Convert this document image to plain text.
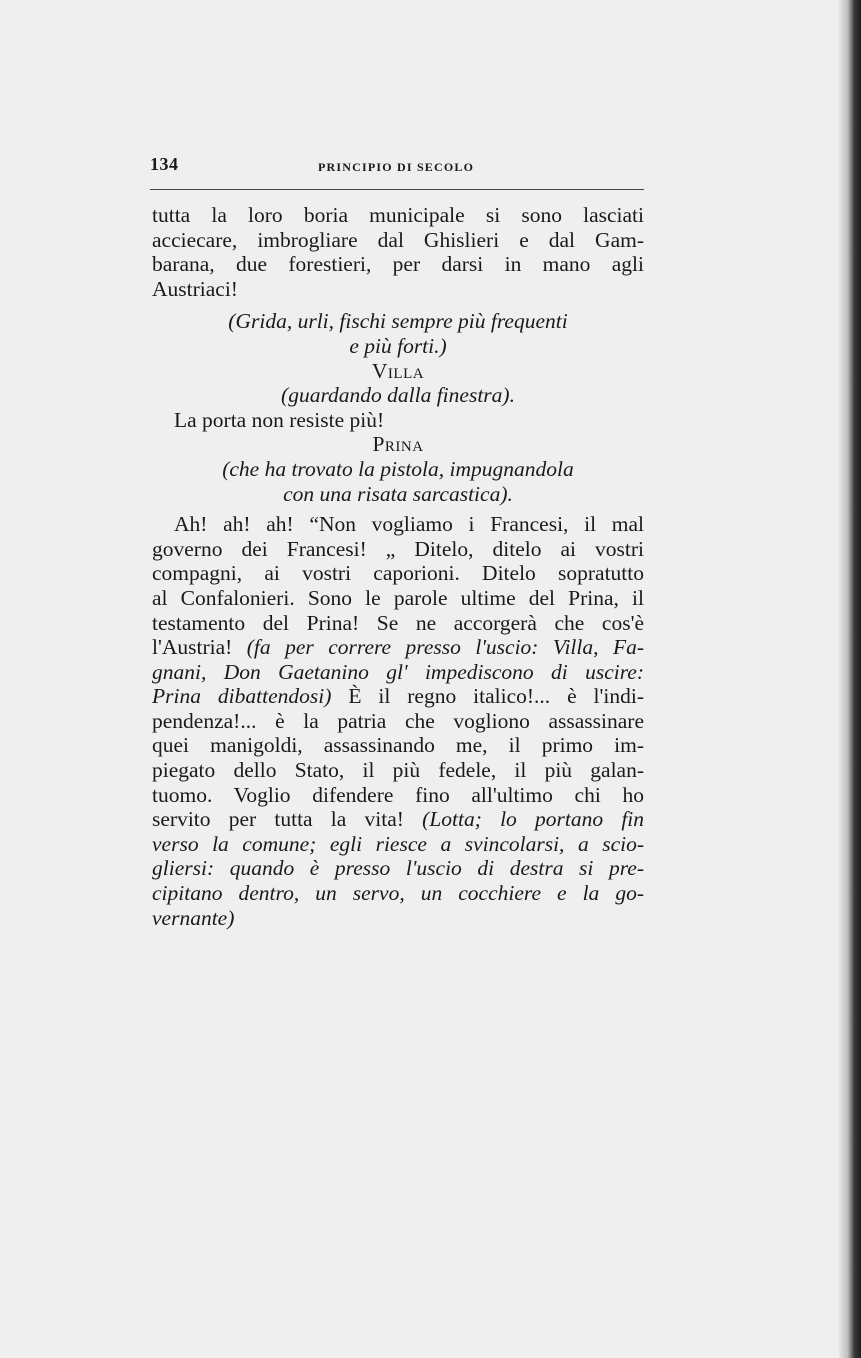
134	PRINCIPIO DI SECOLO

tutta la loro boria municipale si sono lasciati

acciecare, imbrogliare dal Ghislieri e dal Gam-

barana, due forestieri, per darsi in mano agli

Austriaci!

(Grida, urli, fischi sempre più frequenti

e più forti.)

Villa

(guardando dalla finestra).

La porta non resiste più!

Prina

(che ha trovato la pistola, impugnandola

con una risata sarcastica).

Ah! ah! ah! “Non vogliamo i Francesi, il mal

governo dei Francesi! „ Ditelo, ditelo ai vostri

compagni, ai vostri caporioni. Ditelo sopratutto

al Confalonieri. Sono le parole ultime del Prina, il

testamento del Prina! Se ne accorgerà che cos'è

l'Austria! (fa per correre presso l'uscio: Villa, Fa-

gnani, Don Gaetanino gl' impediscono di uscire:

Prina dibattendosi) È il regno italico!... è l'indi-

pendenza!... è la patria che vogliono assassinare

quei manigoldi, assassinando me, il primo im-

piegato dello Stato, il più fedele, il più galan-

tuomo. Voglio difendere fino all'ultimo chi ho

servito per tutta la vita! (Lotta; lo portano fin

verso la comune; egli riesce a svincolarsi, a scio-

gliersi: quando è presso l'uscio di destra si pre-

cipitano dentro, un servo, un cocchiere e la go-

vernante)
